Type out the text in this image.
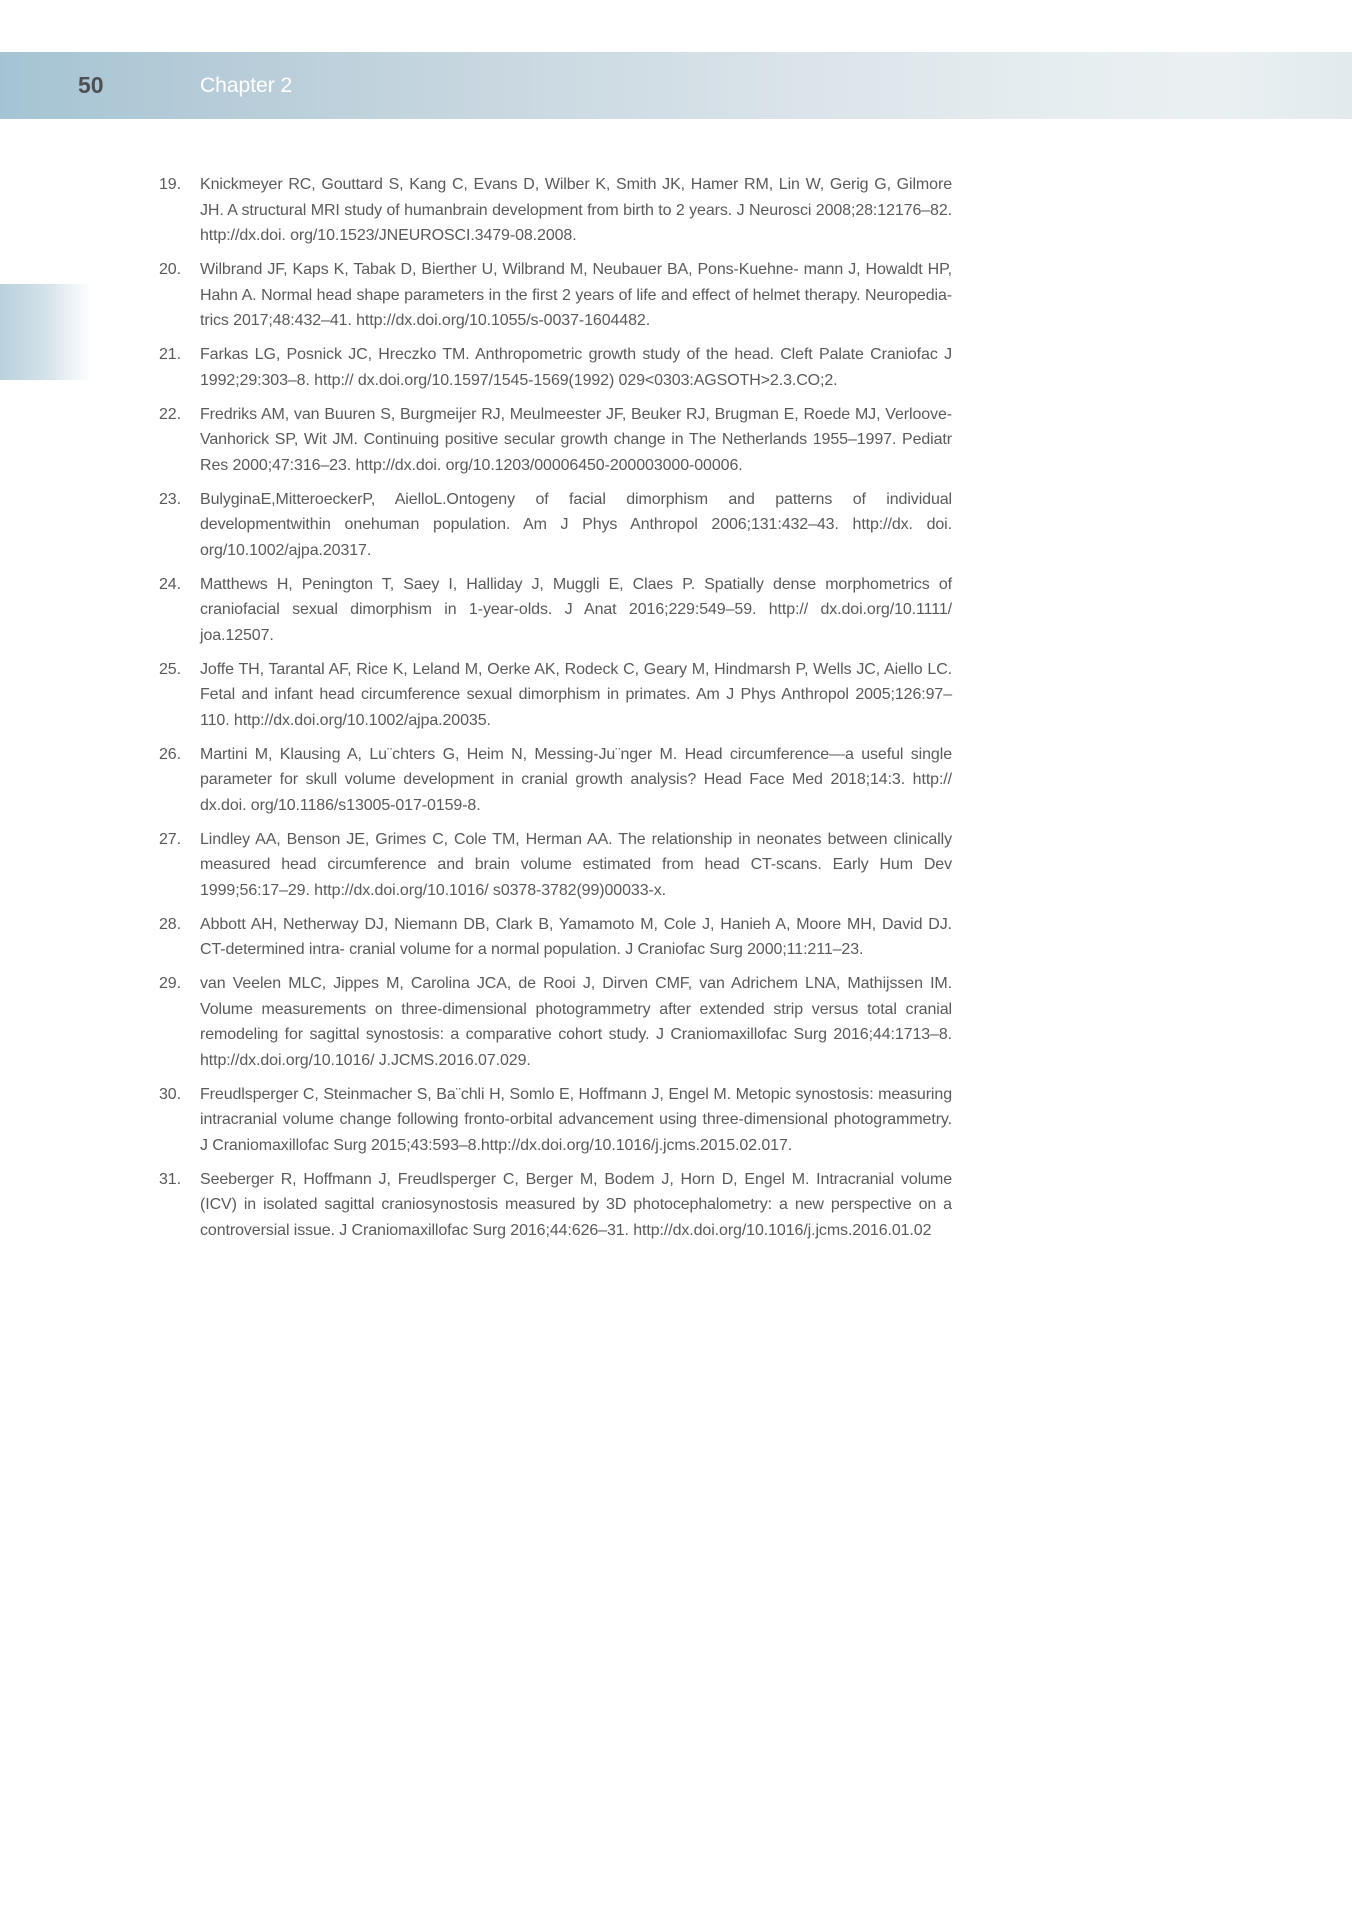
50	Chapter 2
19.	Knickmeyer RC, Gouttard S, Kang C, Evans D, Wilber K, Smith JK, Hamer RM, Lin W, Gerig G, Gilmore JH. A structural MRI study of humanbrain development from birth to 2 years. J Neurosci 2008;28:12176–82. http://dx.doi. org/10.1523/JNEUROSCI.3479-08.2008.
20.	Wilbrand JF, Kaps K, Tabak D, Bierther U, Wilbrand M, Neubauer BA, Pons-Kuehne- mann J, Howaldt HP, Hahn A. Normal head shape parameters in the first 2 years of life and effect of helmet therapy. Neuropedia- trics 2017;48:432–41. http://dx.doi.org/10.1055/s-0037-1604482.
21.	Farkas LG, Posnick JC, Hreczko TM. Anthropometric growth study of the head. Cleft Palate Craniofac J 1992;29:303–8. http:// dx.doi.org/10.1597/1545-1569(1992) 029<0303:AGSOTH>2.3.CO;2.
22.	Fredriks AM, van Buuren S, Burgmeijer RJ, Meulmeester JF, Beuker RJ, Brugman E, Roede MJ, Verloove-Vanhorick SP, Wit JM. Continuing positive secular growth change in The Netherlands 1955–1997. Pediatr Res 2000;47:316–23. http://dx.doi. org/10.1203/00006450-200003000-00006.
23.	BulyginaE,MitteroeckerP, AielloL.Ontogeny of facial dimorphism and patterns of individual developmentwithin onehuman population. Am J Phys Anthropol 2006;131:432–43. http://dx. doi. org/10.1002/ajpa.20317.
24.	Matthews H, Penington T, Saey I, Halliday J, Muggli E, Claes P. Spatially dense morphometrics of craniofacial sexual dimorphism in 1-year-olds. J Anat 2016;229:549–59. http:// dx.doi.org/10.1111/ joa.12507.
25.	Joffe TH, Tarantal AF, Rice K, Leland M, Oerke AK, Rodeck C, Geary M, Hindmarsh P, Wells JC, Aiello LC. Fetal and infant head circumference sexual dimorphism in primates. Am J Phys Anthropol 2005;126:97–110. http://dx.doi.org/10.1002/ajpa.20035.
26.	Martini M, Klausing A, Lu¨chters G, Heim N, Messing-Ju¨nger M. Head circumference—a useful single parameter for skull volume development in cranial growth analysis? Head Face Med 2018;14:3. http:// dx.doi. org/10.1186/s13005-017-0159-8.
27.	Lindley AA, Benson JE, Grimes C, Cole TM, Herman AA. The relationship in neonates between clinically measured head circumference and brain volume estimated from head CT-scans. Early Hum Dev 1999;56:17–29. http://dx.doi.org/10.1016/ s0378-3782(99)00033-x.
28.	Abbott AH, Netherway DJ, Niemann DB, Clark B, Yamamoto M, Cole J, Hanieh A, Moore MH, David DJ. CT-determined intra- cranial volume for a normal population. J Craniofac Surg 2000;11:211–23.
29.	van Veelen MLC, Jippes M, Carolina JCA, de Rooi J, Dirven CMF, van Adrichem LNA, Mathijssen IM. Volume measurements on three-dimensional photogrammetry after extended strip versus total cranial remodeling for sagittal synostosis: a comparative cohort study. J Craniomaxillofac Surg 2016;44:1713–8. http://dx.doi.org/10.1016/ J.JCMS.2016.07.029.
30.	Freudlsperger C, Steinmacher S, Ba¨chli H, Somlo E, Hoffmann J, Engel M. Metopic synostosis: measuring intracranial volume change following fronto-orbital advancement using three-dimensional photogrammetry. J Craniomaxillofac Surg 2015;43:593–8.http://dx.doi.org/10.1016/j.jcms.2015.02.017.
31.	Seeberger R, Hoffmann J, Freudlsperger C, Berger M, Bodem J, Horn D, Engel M. Intracranial volume (ICV) in isolated sagittal craniosynostosis measured by 3D photocephalometry: a new perspective on a controversial issue. J Craniomaxillofac Surg 2016;44:626–31. http://dx.doi.org/10.1016/j.jcms.2016.01.02
